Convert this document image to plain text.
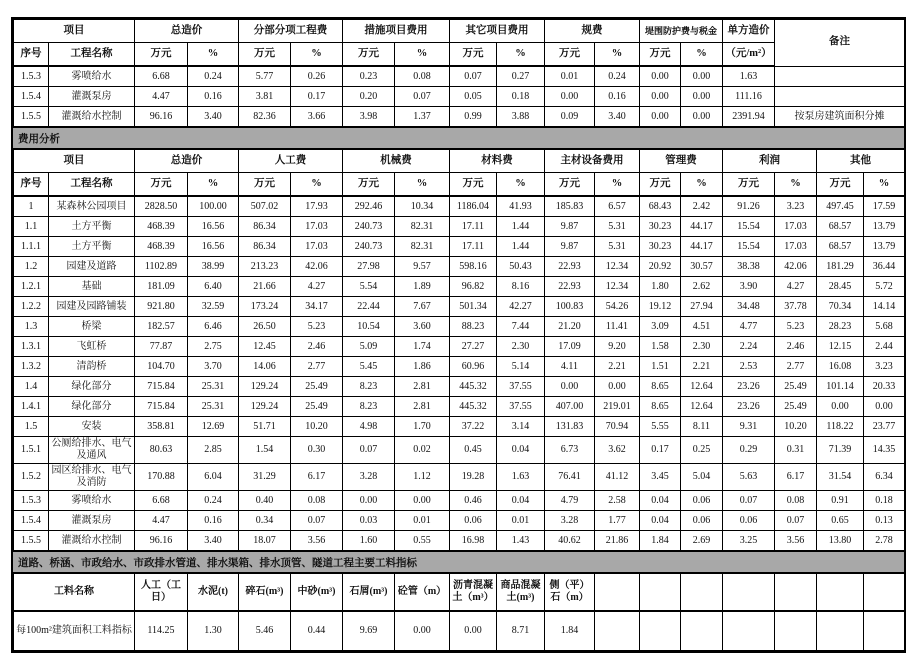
项目		总造价		分部分项工程费		措施项目费用		其它项目费用		规费		堤围防护费与税金		单方造价	备注
序号	工程名称	万元	%	万元	%	万元	%	万元	%	万元	%	万元	%	（元/m²）	
1.5.3	雾喷给水	6.68	0.24	5.77	0.26	0.23	0.08	0.07	0.27	0.01	0.24	0.00	0.00	1.63	
1.5.4	灌溉泵房	4.47	0.16	3.81	0.17	0.20	0.07	0.05	0.18	0.00	0.16	0.00	0.00	111.16	
1.5.5	灌溉给水控制	96.16	3.40	82.36	3.66	3.98	1.37	0.99	3.88	0.09	3.40	0.00	0.00	2391.94	按泵房建筑面积分摊
费用分析
项目		总造价		人工费		机械费		材料费		主材设备费用		管理费		利润		其他	
序号	工程名称	万元	%	万元	%	万元	%	万元	%	万元	%	万元	%	万元	%	万元	%
1	某森林公园项目	2828.50	100.00	507.02	17.93	292.46	10.34	1186.04	41.93	185.83	6.57	68.43	2.42	91.26	3.23	497.45	17.59
1.1	土方平衡	468.39	16.56	86.34	17.03	240.73	82.31	17.11	1.44	9.87	5.31	30.23	44.17	15.54	17.03	68.57	13.79
1.1.1	土方平衡	468.39	16.56	86.34	17.03	240.73	82.31	17.11	1.44	9.87	5.31	30.23	44.17	15.54	17.03	68.57	13.79
1.2	园建及道路	1102.89	38.99	213.23	42.06	27.98	9.57	598.16	50.43	22.93	12.34	20.92	30.57	38.38	42.06	181.29	36.44
1.2.1	基础	181.09	6.40	21.66	4.27	5.54	1.89	96.82	8.16	22.93	12.34	1.80	2.62	3.90	4.27	28.45	5.72
1.2.2	园建及园路铺装	921.80	32.59	173.24	34.17	22.44	7.67	501.34	42.27	100.83	54.26	19.12	27.94	34.48	37.78	70.34	14.14
1.3	桥梁	182.57	6.46	26.50	5.23	10.54	3.60	88.23	7.44	21.20	11.41	3.09	4.51	4.77	5.23	28.23	5.68
1.3.1	飞虹桥	77.87	2.75	12.45	2.46	5.09	1.74	27.27	2.30	17.09	9.20	1.58	2.30	2.24	2.46	12.15	2.44
1.3.2	清韵桥	104.70	3.70	14.06	2.77	5.45	1.86	60.96	5.14	4.11	2.21	1.51	2.21	2.53	2.77	16.08	3.23
1.4	绿化部分	715.84	25.31	129.24	25.49	8.23	2.81	445.32	37.55	0.00	0.00	8.65	12.64	23.26	25.49	101.14	20.33
1.4.1	绿化部分	715.84	25.31	129.24	25.49	8.23	2.81	445.32	37.55	407.00	219.01	8.65	12.64	23.26	25.49	0.00	0.00
1.5	安装	358.81	12.69	51.71	10.20	4.98	1.70	37.22	3.14	131.83	70.94	5.55	8.11	9.31	10.20	118.22	23.77
1.5.1	公厕给排水、电气及通风	80.63	2.85	1.54	0.30	0.07	0.02	0.45	0.04	6.73	3.62	0.17	0.25	0.29	0.31	71.39	14.35
1.5.2	园区给排水、电气及消防	170.88	6.04	31.29	6.17	3.28	1.12	19.28	1.63	76.41	41.12	3.45	5.04	5.63	6.17	31.54	6.34
1.5.3	雾喷给水	6.68	0.24	0.40	0.08	0.00	0.00	0.46	0.04	4.79	2.58	0.04	0.06	0.07	0.08	0.91	0.18
1.5.4	灌溉泵房	4.47	0.16	0.34	0.07	0.03	0.01	0.06	0.01	3.28	1.77	0.04	0.06	0.06	0.07	0.65	0.13
1.5.5	灌溉给水控制	96.16	3.40	18.07	3.56	1.60	0.55	16.98	1.43	40.62	21.86	1.84	2.69	3.25	3.56	13.80	2.78
道路、桥涵、市政给水、市政排水管道、排水渠箱、排水顶管、隧道工程主要工料指标
工料名称	人工（工日）	水泥(t)	碎石(m³)	中砂(m³)	石屑(m³)	砼管（m）	沥青混凝土（m³）	商品混凝土(m³)	侧（平）石（m）							
每100m²建筑面积工料指标	114.25	1.30	5.46	0.44	9.69	0.00	0.00	8.71	1.84							
